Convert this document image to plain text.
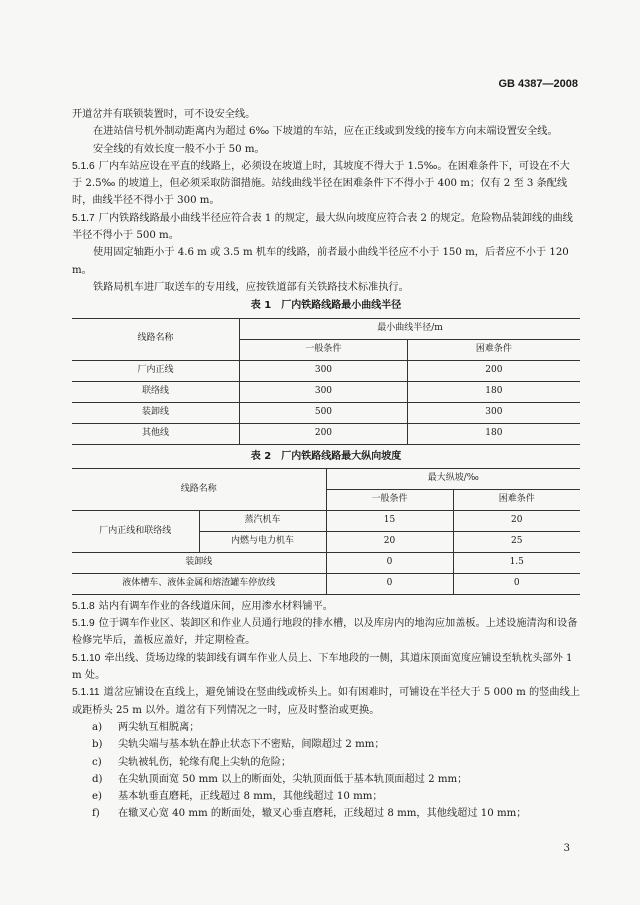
GB 4387—2008

开道岔并有联锁装置时，可不设安全线。

在进站信号机外制动距离内为超过 6‰ 下坡道的车站，应在正线或到发线的接车方向末端设置安全线。

安全线的有效长度一般不小于 50 m。

5.1.6 厂内车站应设在平直的线路上，必须设在坡道上时，其坡度不得大于 1.5‰。在困难条件下，可设在不大于 2.5‰ 的坡道上，但必须采取防溜措施。站线曲线半径在困难条件下不得小于 400 m；仅有 2 至 3 条配线时，曲线半径不得小于 300 m。

5.1.7 厂内铁路线路最小曲线半径应符合表 1 的规定，最大纵向坡度应符合表 2 的规定。危险物品装卸线的曲线半径不得小于 500 m。

使用固定轴距小于 4.6 m 或 3.5 m 机车的线路，前者最小曲线半径应不小于 150 m，后者应不小于 120 m。

铁路局机车进厂取送车的专用线，应按铁道部有关铁路技术标准执行。

表 1　厂内铁路线路最小曲线半径
线路名称	最小曲线半径/m	
	一般条件	困难条件
厂内正线	300	200
联络线	300	180
装卸线	500	300
其他线	200	180
表 2　厂内铁路线路最大纵向坡度
线路名称		最大纵坡/‰	
		一般条件	困难条件
厂内正线和联络线	蒸汽机车	15	20
	内燃与电力机车	20	25
装卸线		0	1.5
液体槽车、液体金属和熔渣罐车停放线		0	0

5.1.8 站内有调车作业的各线道床间，应用渗水材料铺平。

5.1.9 位于调车作业区、装卸区和作业人员通行地段的排水槽，以及库房内的地沟应加盖板。上述设施清沟和设备检修完毕后，盖板应盖好，并定期检查。

5.1.10 牵出线、货场边缘的装卸线有调车作业人员上、下车地段的一侧，其道床顶面宽度应铺设至轨枕头部外 1 m 处。

5.1.11 道岔应铺设在直线上，避免铺设在竖曲线或桥头上。如有困难时，可铺设在半径大于 5 000 m 的竖曲线上或距桥头 25 m 以外。道岔有下列情况之一时，应及时整治或更换。

a) 两尖轨互相脱离；

b) 尖轨尖端与基本轨在静止状态下不密贴，间隙超过 2 mm；

c) 尖轨被轧伤，轮缘有爬上尖轨的危险；

d) 在尖轨顶面宽 50 mm 以上的断面处，尖轨顶面低于基本轨顶面超过 2 mm；

e) 基本轨垂直磨耗，正线超过 8 mm，其他线超过 10 mm；

f) 在辙叉心宽 40 mm 的断面处，辙叉心垂直磨耗，正线超过 8 mm，其他线超过 10 mm；

3
